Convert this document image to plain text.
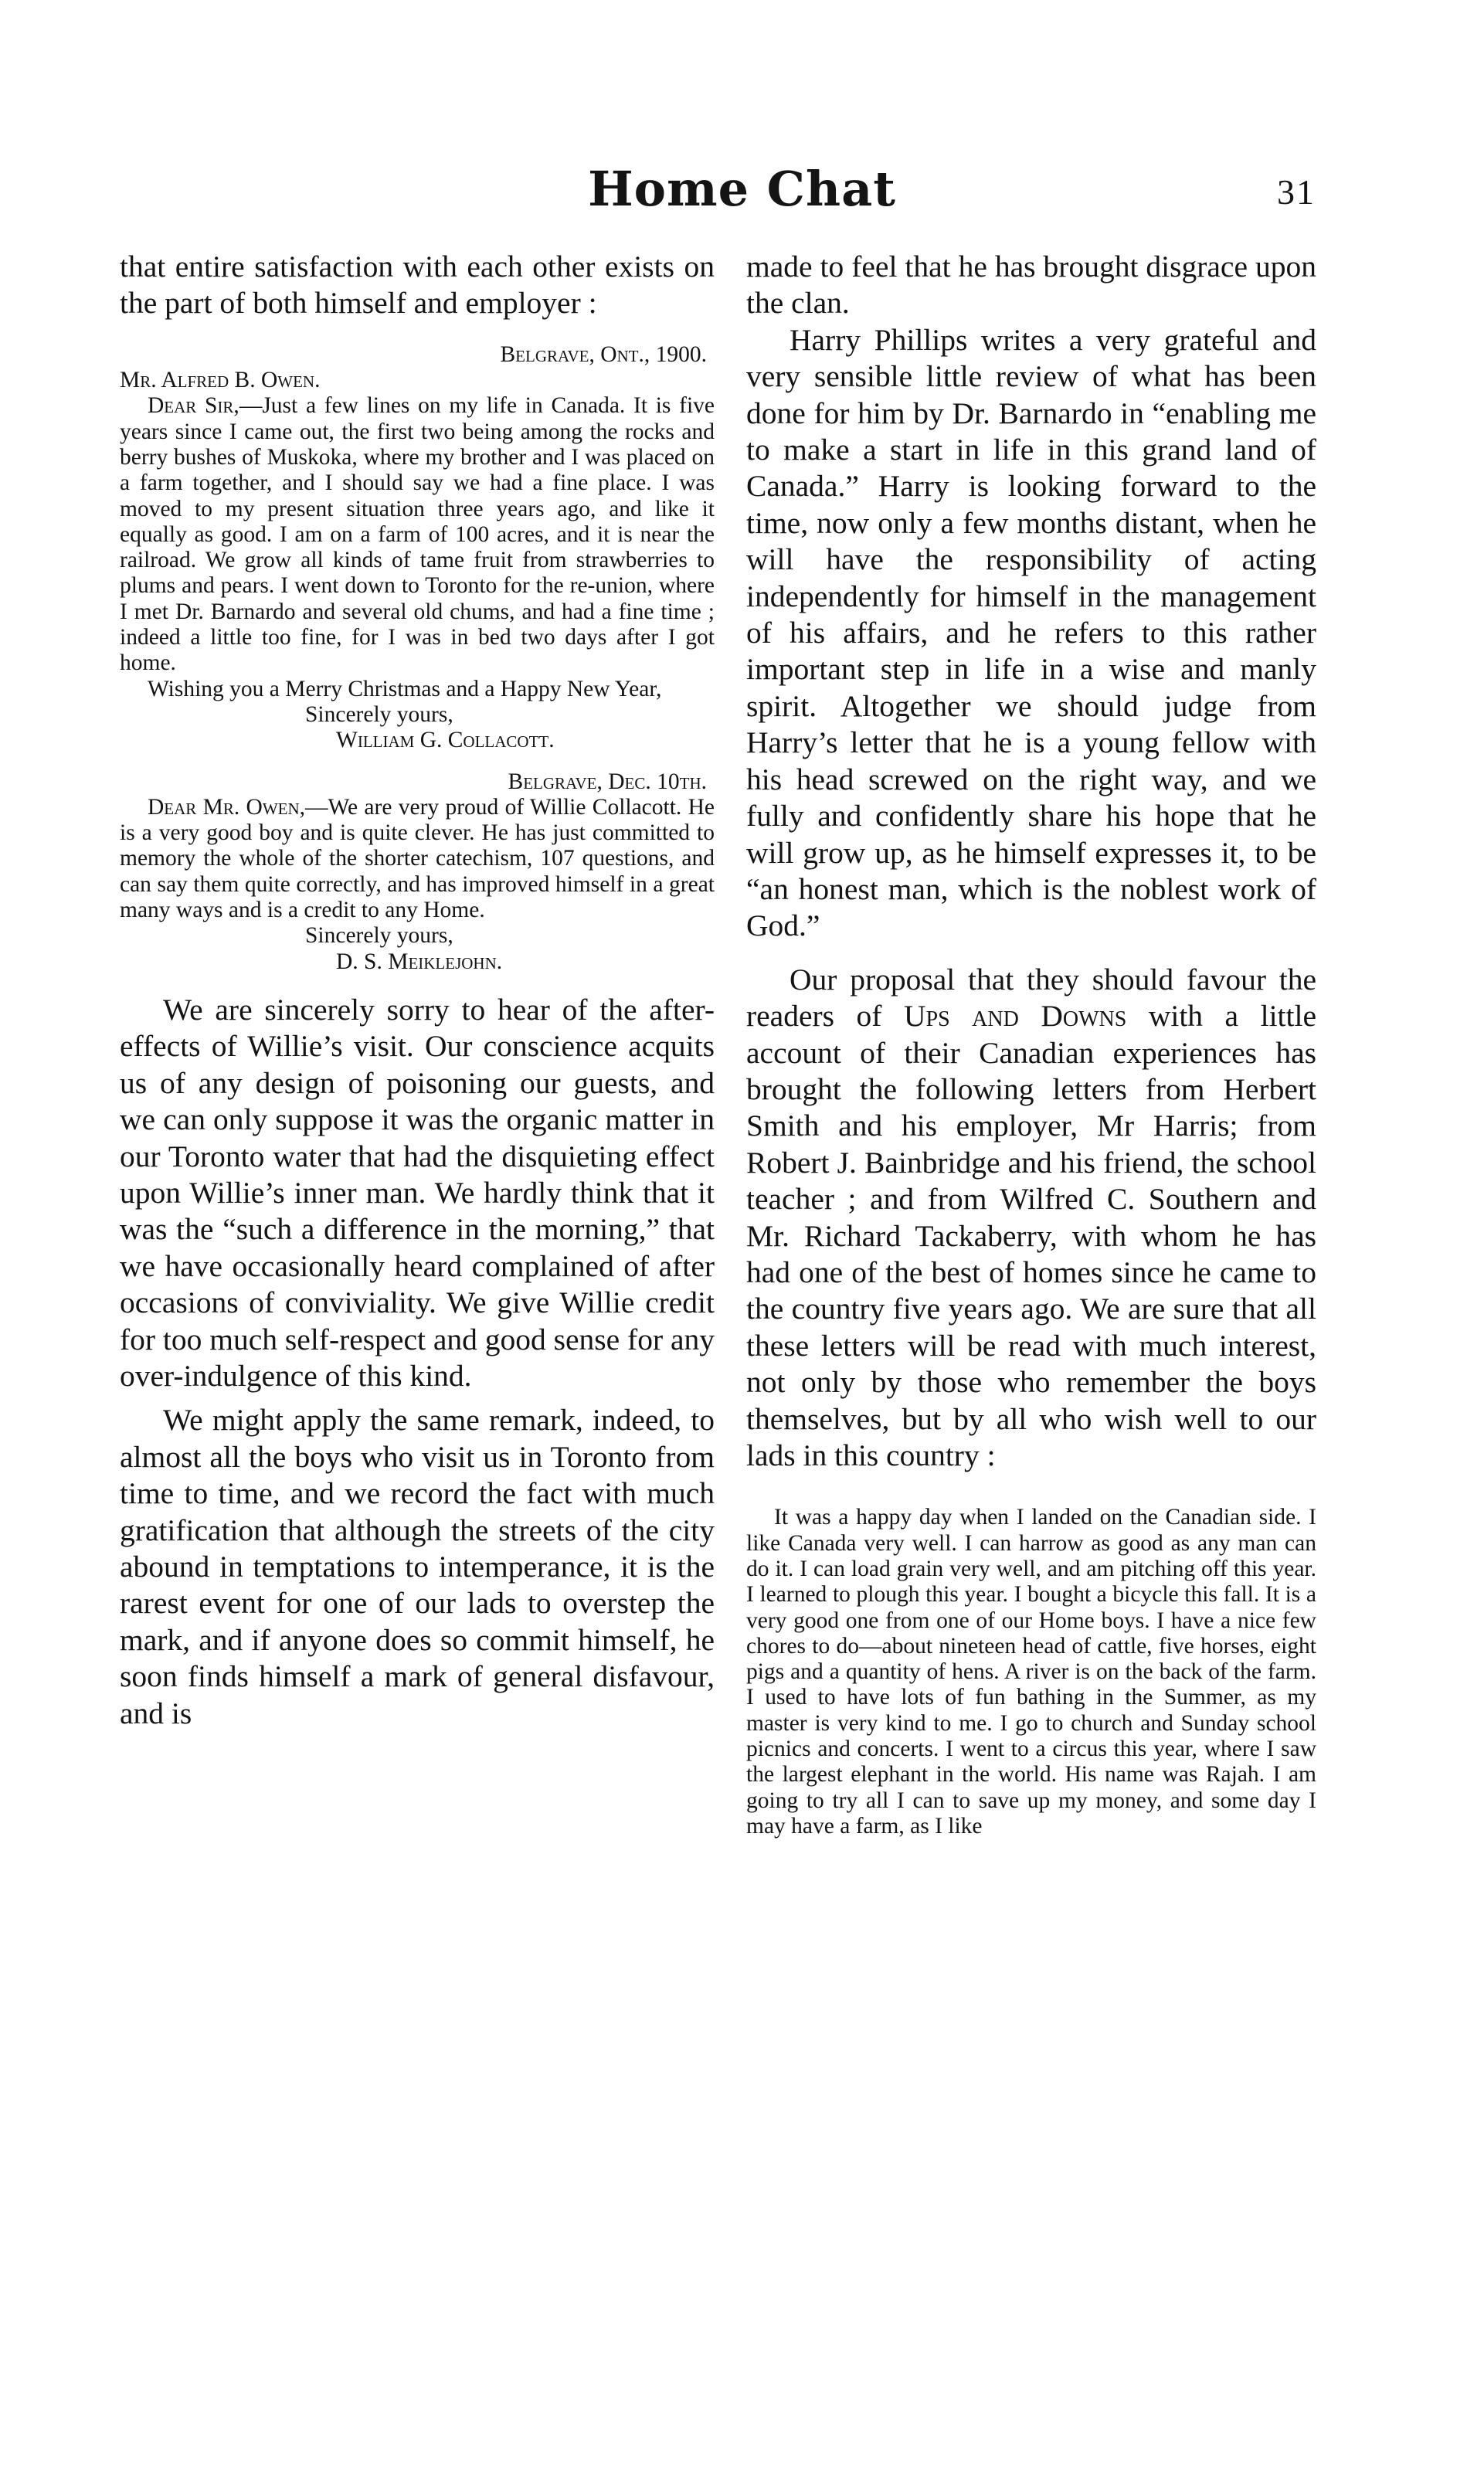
Home Chat	31

that entire satisfaction with each other exists on the part of both himself and employer :

Belgrave, Ont., 1900.

Mr. Alfred B. Owen.

Dear Sir,—Just a few lines on my life in Canada. It is five years since I came out, the first two being among the rocks and berry bushes of Muskoka, where my brother and I was placed on a farm together, and I should say we had a fine place. I was moved to my present situation three years ago, and like it equally as good. I am on a farm of 100 acres, and it is near the railroad. We grow all kinds of tame fruit from strawberries to plums and pears. I went down to Toronto for the re-union, where I met Dr. Barnardo and several old chums, and had a fine time ; indeed a little too fine, for I was in bed two days after I got home.

Wishing you a Merry Christmas and a Happy New Year,

Sincerely yours,

William G. Collacott.

Belgrave, Dec. 10th.

Dear Mr. Owen,—We are very proud of Willie Collacott. He is a very good boy and is quite clever. He has just committed to memory the whole of the shorter catechism, 107 questions, and can say them quite correctly, and has improved himself in a great many ways and is a credit to any Home.

Sincerely yours,

D. S. Meiklejohn.

We are sincerely sorry to hear of the after-effects of Willie’s visit. Our conscience acquits us of any design of poisoning our guests, and we can only suppose it was the organic matter in our Toronto water that had the disquieting effect upon Willie’s inner man. We hardly think that it was the “such a difference in the morning,” that we have occasionally heard complained of after occasions of conviviality. We give Willie credit for too much self-respect and good sense for any over-indulgence of this kind.

We might apply the same remark, indeed, to almost all the boys who visit us in Toronto from time to time, and we record the fact with much gratification that although the streets of the city abound in temptations to intemperance, it is the rarest event for one of our lads to overstep the mark, and if anyone does so commit himself, he soon finds himself a mark of general disfavour, and is

made to feel that he has brought disgrace upon the clan.

Harry Phillips writes a very grateful and very sensible little review of what has been done for him by Dr. Barnardo in “enabling me to make a start in life in this grand land of Canada.” Harry is looking forward to the time, now only a few months distant, when he will have the responsibility of acting independently for himself in the management of his affairs, and he refers to this rather important step in life in a wise and manly spirit. Altogether we should judge from Harry’s letter that he is a young fellow with his head screwed on the right way, and we fully and confidently share his hope that he will grow up, as he himself expresses it, to be “an honest man, which is the noblest work of God.”

Our proposal that they should favour the readers of Ups and Downs with a little account of their Canadian experiences has brought the following letters from Herbert Smith and his employer, Mr Harris; from Robert J. Bainbridge and his friend, the school teacher ; and from Wilfred C. Southern and Mr. Richard Tackaberry, with whom he has had one of the best of homes since he came to the country five years ago. We are sure that all these letters will be read with much interest, not only by those who remember the boys themselves, but by all who wish well to our lads in this country :

It was a happy day when I landed on the Canadian side. I like Canada very well. I can harrow as good as any man can do it. I can load grain very well, and am pitching off this year. I learned to plough this year. I bought a bicycle this fall. It is a very good one from one of our Home boys. I have a nice few chores to do—about nineteen head of cattle, five horses, eight pigs and a quantity of hens. A river is on the back of the farm. I used to have lots of fun bathing in the Summer, as my master is very kind to me. I go to church and Sunday school picnics and concerts. I went to a circus this year, where I saw the largest elephant in the world. His name was Rajah. I am going to try all I can to save up my money, and some day I may have a farm, as I like
